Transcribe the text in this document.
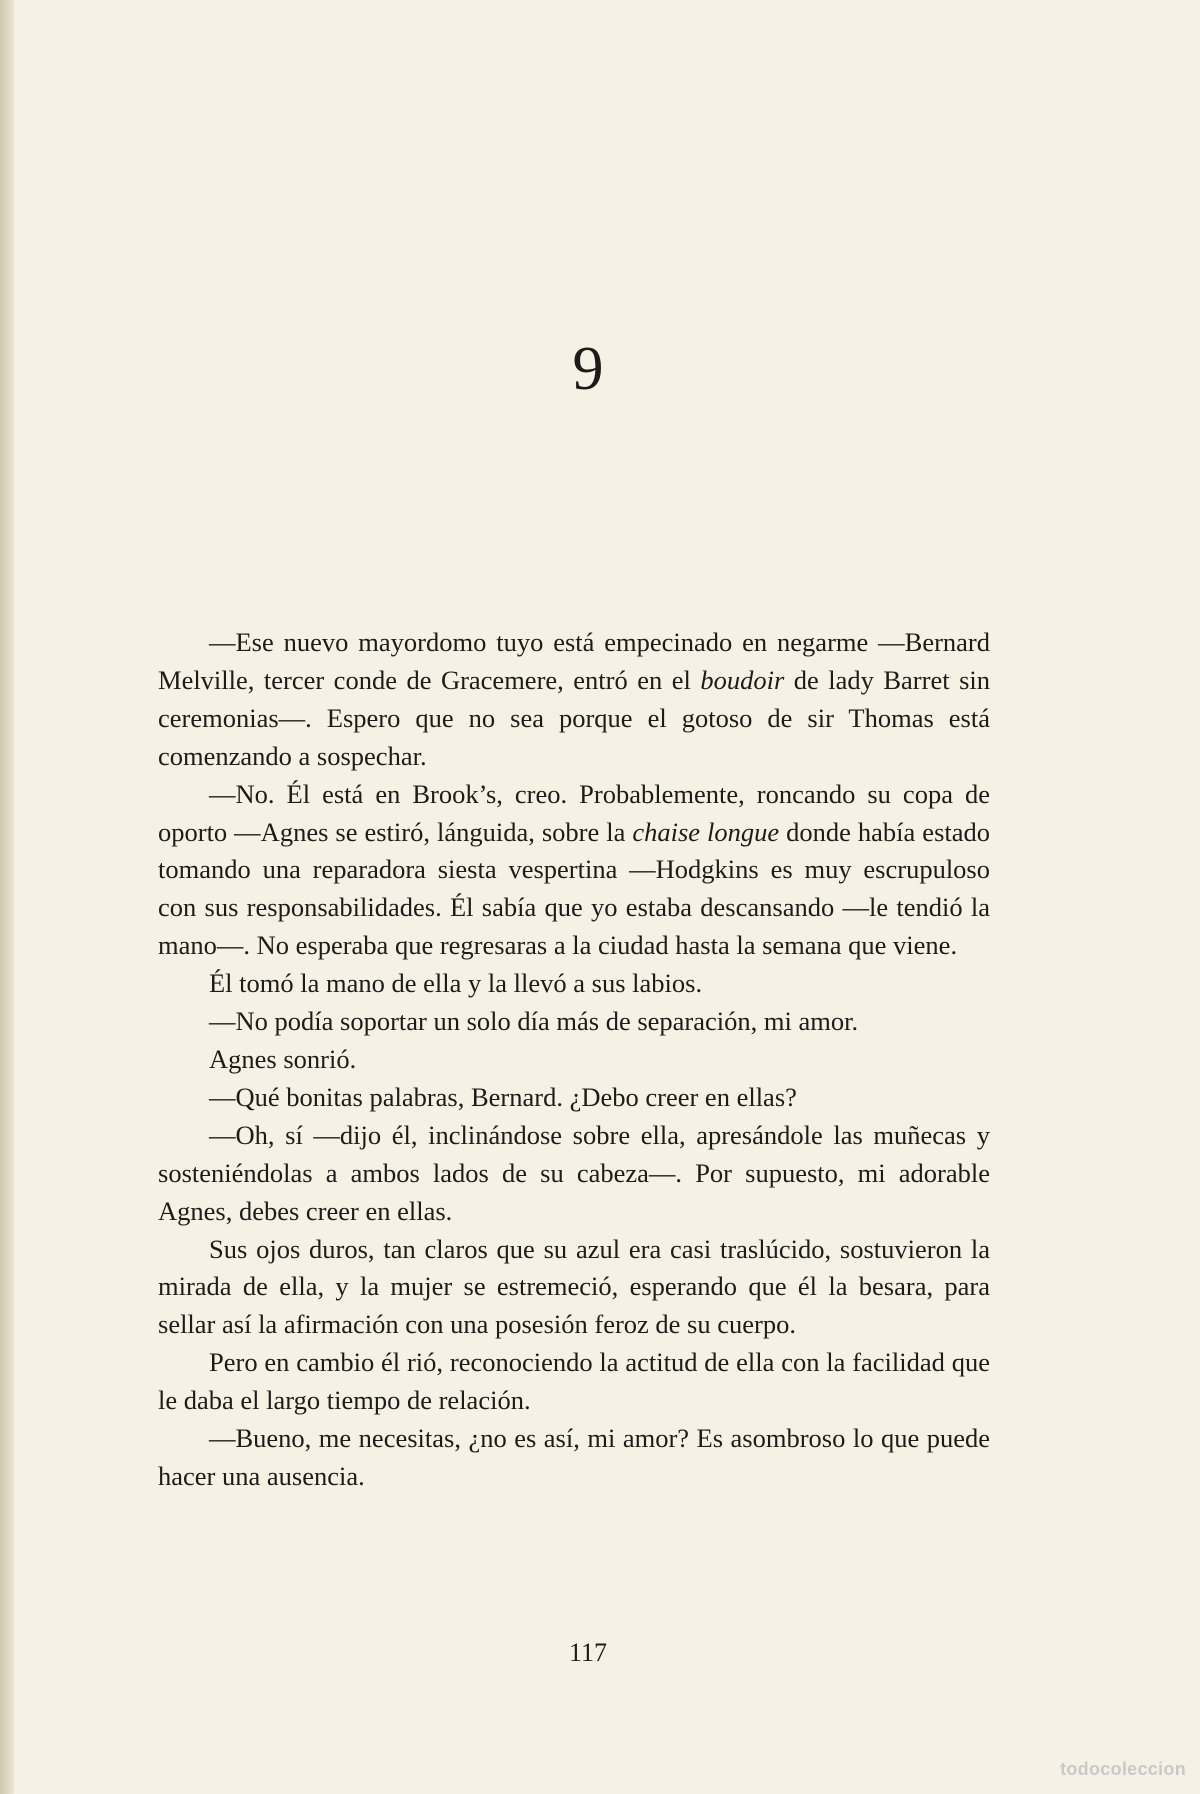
9

—Ese nuevo mayordomo tuyo está empecinado en negarme —Bernard Melville, tercer conde de Gracemere, entró en el boudoir de lady Barret sin ceremonias—. Espero que no sea porque el gotoso de sir Thomas está comenzando a sospechar.

—No. Él está en Brook’s, creo. Probablemente, roncando su copa de oporto —Agnes se estiró, lánguida, sobre la chaise longue donde había estado tomando una reparadora siesta vespertina —Hodgkins es muy escrupuloso con sus responsabilidades. Él sabía que yo estaba descansando —le tendió la mano—. No esperaba que regresaras a la ciudad hasta la semana que viene.

Él tomó la mano de ella y la llevó a sus labios.

—No podía soportar un solo día más de separación, mi amor.

Agnes sonrió.

—Qué bonitas palabras, Bernard. ¿Debo creer en ellas?

—Oh, sí —dijo él, inclinándose sobre ella, apresándole las muñecas y sosteniéndolas a ambos lados de su cabeza—. Por supuesto, mi adorable Agnes, debes creer en ellas.

Sus ojos duros, tan claros que su azul era casi traslúcido, sostuvieron la mirada de ella, y la mujer se estremeció, esperando que él la besara, para sellar así la afirmación con una posesión feroz de su cuerpo.

Pero en cambio él rió, reconociendo la actitud de ella con la facilidad que le daba el largo tiempo de relación.

—Bueno, me necesitas, ¿no es así, mi amor? Es asombroso lo que puede hacer una ausencia.

117
todocoleccion
